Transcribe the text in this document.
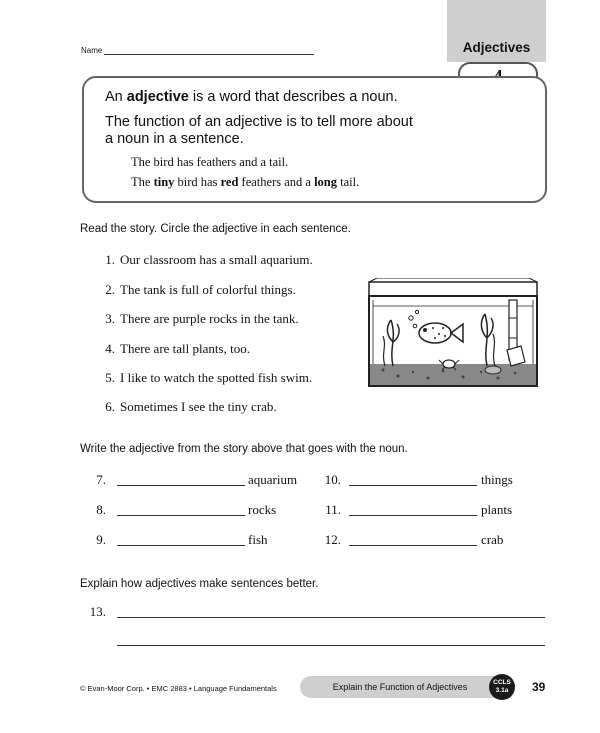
Adjectives
Name
An adjective is a word that describes a noun.
The function of an adjective is to tell more about a noun in a sentence.
The bird has feathers and a tail.
The tiny bird has red feathers and a long tail.
Read the story. Circle the adjective in each sentence.
1. Our classroom has a small aquarium.
2. The tank is full of colorful things.
3. There are purple rocks in the tank.
4. There are tall plants, too.
5. I like to watch the spotted fish swim.
6. Sometimes I see the tiny crab.
Write the adjective from the story above that goes with the noun.
7.	aquarium
8.	rocks
9.	fish
10.	things
11.	plants
12.	crab
Explain how adjectives make sentences better.
13.
© Evan-Moor Corp. • EMC 2883 • Language Fundamentals	Explain the Function of Adjectives	CCLS
3.1a	39
